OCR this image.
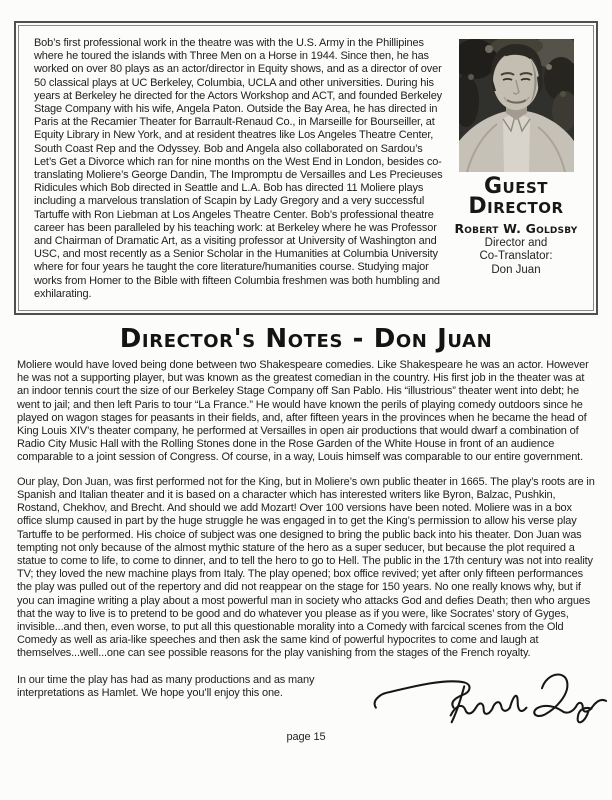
Guest
Director
Robert W. Goldsby
Director and
Co-Translator:
Don Juan

Bob’s first professional work in the theatre was with the U.S. Army in the Phillipines where he toured the islands with Three Men on a Horse in 1944. Since then, he has worked on over 80 plays as an actor/director in Equity shows, and as a director of over 50 classical plays at UC Berkeley, Columbia, UCLA and other universities. During his years at Berkeley he directed for the Actors Workshop and ACT, and founded Berkeley Stage Company with his wife, Angela Paton. Outside the Bay Area, he has directed in Paris at the Recamier Theater for Barrault-Renaud Co., in Marseille for Bourseiller, at Equity Library in New York, and at resident theatres like Los Angeles Theatre Center, South Coast Rep and the Odyssey. Bob and Angela also collaborated on Sardou’s Let’s Get a Divorce which ran for nine months on the West End in London, besides co-translating Moliere’s George Dandin, The Impromptu de Versailles and Les Precieuses Ridicules which Bob directed in Seattle and L.A. Bob has directed 11 Moliere plays including a marvelous translation of Scapin by Lady Gregory and a very successful Tartuffe with Ron Liebman at Los Angeles Theatre Center. Bob’s professional theatre career has been paralleled by his teaching work: at Berkeley where he was Professor and Chairman of Dramatic Art, as a visiting professor at University of Washington and USC, and most recently as a Senior Scholar in the Humanities at Columbia University where for four years he taught the core literature/humanities course. Studying major works from Homer to the Bible with fifteen Columbia freshmen was both humbling and exhilarating.

Director's Notes - Don Juan

Moliere would have loved being done between two Shakespeare comedies. Like Shakespeare he was an actor. However he was not a supporting player, but was known as the greatest comedian in the country. His first job in the theater was at an indoor tennis court the size of our Berkeley Stage Company off San Pablo. His “illustrious” theater went into debt; he went to jail; and then left Paris to tour “La France.” He would have known the perils of playing comedy outdoors since he played on wagon stages for peasants in their fields, and, after fifteen years in the provinces when he became the head of King Louis XIV’s theater company, he performed at Versailles in open air productions that would dwarf a combination of Radio City Music Hall with the Rolling Stones done in the Rose Garden of the White House in front of an audience comparable to a joint session of Congress. Of course, in a way, Louis himself was comparable to our entire government.

Our play, Don Juan, was first performed not for the King, but in Moliere’s own public theater in 1665. The play’s roots are in Spanish and Italian theater and it is based on a character which has interested writers like Byron, Balzac, Pushkin, Rostand, Chekhov, and Brecht. And should we add Mozart! Over 100 versions have been noted. Moliere was in a box office slump caused in part by the huge struggle he was engaged in to get the King’s permission to allow his verse play Tartuffe to be performed. His choice of subject was one designed to bring the public back into his theater. Don Juan was tempting not only because of the almost mythic stature of the hero as a super seducer, but because the plot required a statue to come to life, to come to dinner, and to tell the hero to go to Hell. The public in the 17th century was not into reality TV; they loved the new machine plays from Italy. The play opened; box office revived; yet after only fifteen performances the play was pulled out of the repertory and did not reappear on the stage for 150 years. No one really knows why, but if you can imagine writing a play about a most powerful man in society who attacks God and defies Death; then who argues that the way to live is to pretend to be good and do whatever you please as if you were, like Socrates’ story of Gyges, invisible...and then, even worse, to put all this questionable morality into a Comedy with farcical scenes from the Old Comedy as well as aria-like speeches and then ask the same kind of powerful hypocrites to come and laugh at themselves...well...one can see possible reasons for the play vanishing from the stages of the French royalty.

In our time the play has had as many productions and as many interpretations as Hamlet. We hope you’ll enjoy this one.

page 15
